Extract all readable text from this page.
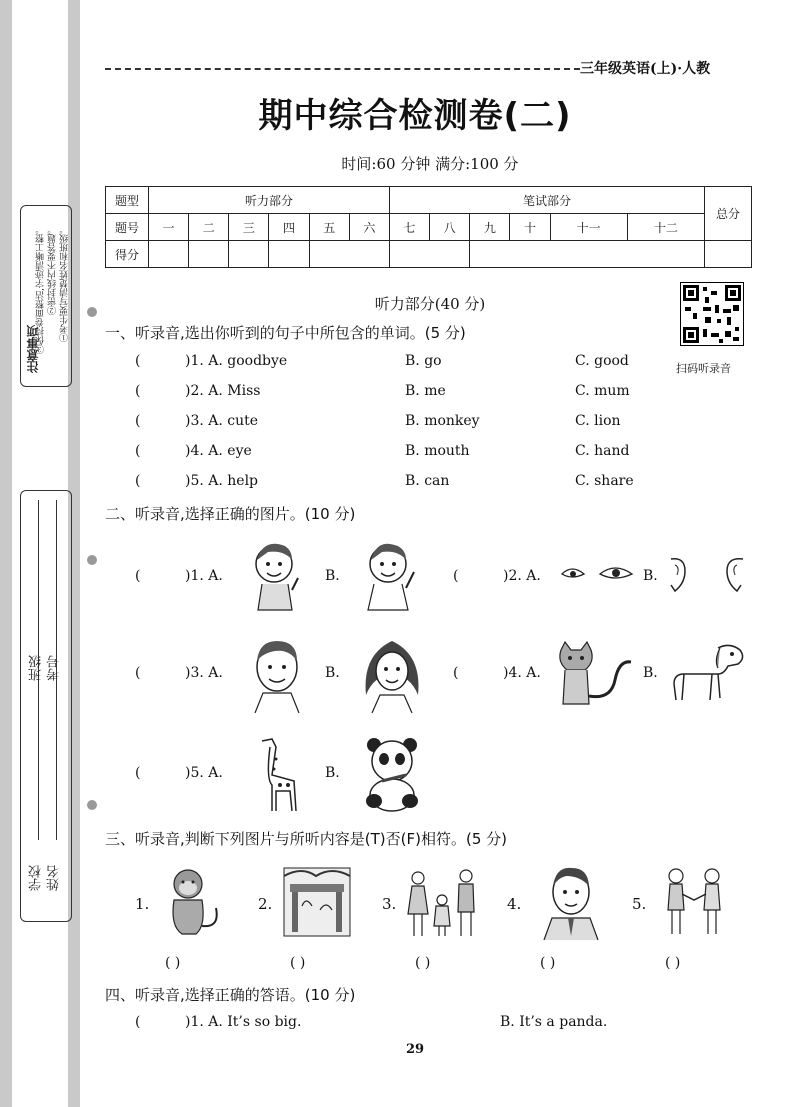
注意事项
①考生要写清楚姓名和班级。
②密封线内不要答题。
③保持卷面整洁,字迹清晰工整。
学校 姓名
班级 考号
三年级英语(上)·人教
期中综合检测卷(二)
时间:60 分钟 满分:100 分
题型	听力部分						笔试部分						总分
题号	一	二	三	四	五	六	七	八	九	十	十一	十二	
得分													
扫码听录音
听力部分(40 分)
一、听录音,选出你听到的句子中所包含的单词。(5 分)
(	)1. A. goodbye	B. go	C. good
(	)2. A. Miss	B. me	C. mum
(	)3. A. cute	B. monkey	C. lion
(	)4. A. eye	B. mouth	C. hand
(	)5. A. help	B. can	C. share
二、听录音,选择正确的图片。(10 分)
(	)1. A.	B.	(	)2. A.	B.
(	)3. A.	B.	(	)4. A.	B.
(	)5. A.	B.
三、听录音,判断下列图片与所听内容是(T)否(F)相符。(5 分)
1.	2.	3.	4.	5.
( )	( )	( )	( )	( )
四、听录音,选择正确的答语。(10 分)
(	)1. A. It’s so big.	B. It’s a panda.
29
